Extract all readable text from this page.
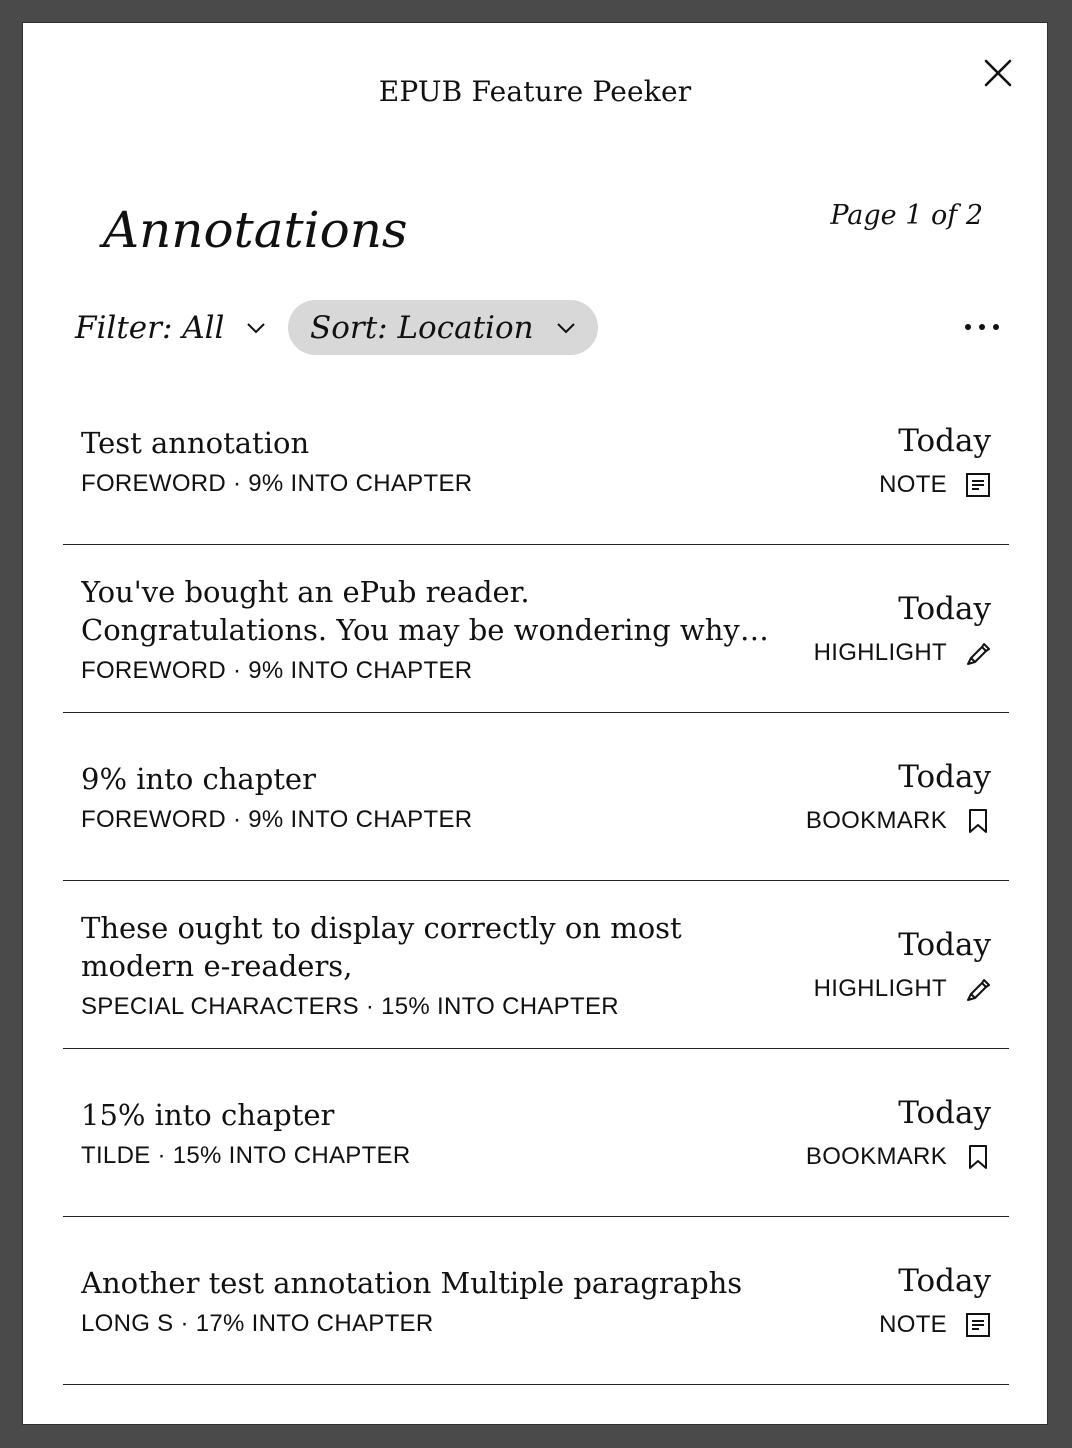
EPUB Feature Peeker
Annotations	Page 1 of 2
Filter: All	Sort: Location
Test annotation
FOREWORD · 9% INTO CHAPTER
Today
NOTE
You've bought an ePub reader. Congratulations. You may be wondering why
FOREWORD · 9% INTO CHAPTER
Today
HIGHLIGHT
9% into chapter
FOREWORD · 9% INTO CHAPTER
Today
BOOKMARK
These ought to display correctly on most modern e-readers,
SPECIAL CHARACTERS · 15% INTO CHAPTER
Today
HIGHLIGHT
15% into chapter
TILDE · 15% INTO CHAPTER
Today
BOOKMARK
Another test annotation Multiple paragraphs
LONG S · 17% INTO CHAPTER
Today
NOTE
